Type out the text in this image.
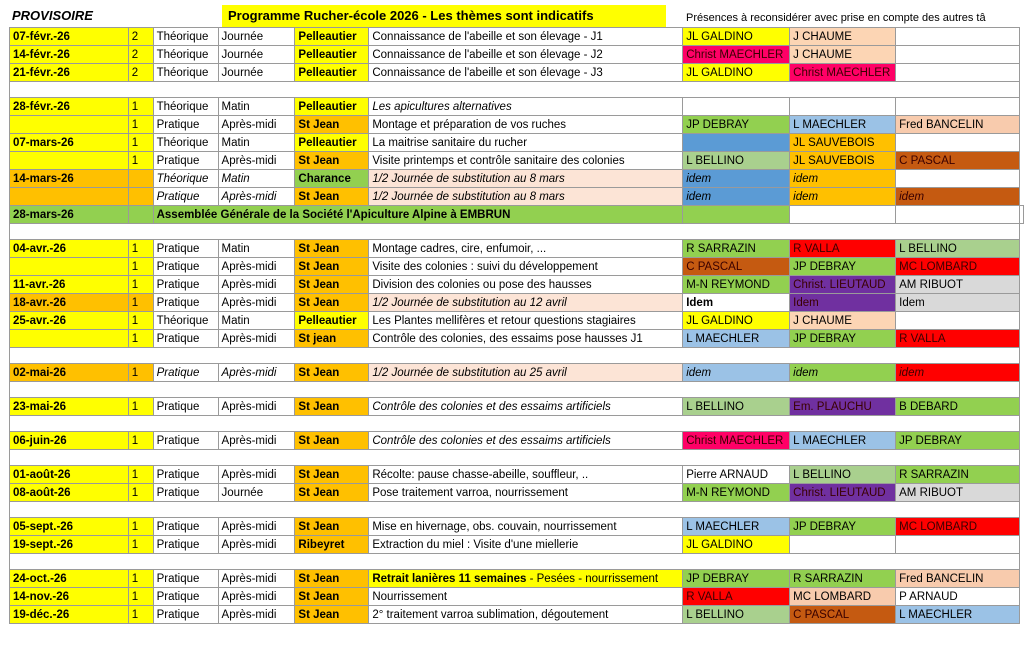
PROVISOIRE	Programme Rucher-école 2026 - Les thèmes sont indicatifs	Présences à reconsidérer avec prise en compte des autres tâ
07-févr.-26	2	Théorique	Journée	Pelleautier	Connaissance de l'abeille et son élevage - J1	JL GALDINO	J CHAUME		
14-févr.-26	2	Théorique	Journée	Pelleautier	Connaissance de l'abeille et son élevage - J2	Christ MAECHLER	J CHAUME		
21-févr.-26	2	Théorique	Journée	Pelleautier	Connaissance de l'abeille et son élevage - J3	JL GALDINO	Christ MAECHLER		

28-févr.-26	1	Théorique	Matin	Pelleautier	Les apicultures alternatives				
	1	Pratique	Après-midi	St Jean	Montage et préparation de vos ruches	JP DEBRAY	L MAECHLER	Fred BANCELIN	
07-mars-26	1	Théorique	Matin	Pelleautier	La maitrise sanitaire du rucher		JL SAUVEBOIS		
	1	Pratique	Après-midi	St Jean	Visite printemps et contrôle sanitaire des colonies	L BELLINO	JL SAUVEBOIS	C PASCAL	
14-mars-26		Théorique	Matin	Charance	1/2 Journée de substitution au 8 mars	idem	idem		
		Pratique	Après-midi	St Jean	1/2 Journée de substitution au 8 mars	idem	idem	idem	
28-mars-26		Assemblée Générale de la Société l'Apiculture Alpine à EMBRUN							

04-avr.-26	1	Pratique	Matin	St Jean	Montage cadres, cire, enfumoir, ...	R SARRAZIN	R VALLA	L BELLINO	
	1	Pratique	Après-midi	St Jean	Visite des colonies : suivi du développement	C PASCAL	JP DEBRAY	MC LOMBARD	
11-avr.-26	1	Pratique	Après-midi	St Jean	Division des colonies ou pose des hausses	M-N REYMOND	Christ. LIEUTAUD	AM RIBUOT	
18-avr.-26	1	Pratique	Après-midi	St Jean	1/2 Journée de substitution au 12 avril	Idem	Idem	Idem	
25-avr.-26	1	Théorique	Matin	Pelleautier	Les Plantes mellifères et retour questions stagiaires	JL GALDINO	J CHAUME		
	1	Pratique	Après-midi	St jean	Contrôle des colonies, des essaims pose hausses J1	L MAECHLER	JP DEBRAY	R VALLA	

02-mai-26	1	Pratique	Après-midi	St Jean	1/2 Journée de substitution au 25 avril	idem	idem	idem	

23-mai-26	1	Pratique	Après-midi	St Jean	Contrôle des colonies et des essaims artificiels	L BELLINO	Em. PLAUCHU	B DEBARD	

06-juin-26	1	Pratique	Après-midi	St Jean	Contrôle des colonies et des essaims artificiels	Christ MAECHLER	L MAECHLER	JP DEBRAY	

01-août-26	1	Pratique	Après-midi	St Jean	Récolte: pause chasse-abeille, souffleur, ..	Pierre ARNAUD	L BELLINO	R SARRAZIN	
08-août-26	1	Pratique	Journée	St Jean	Pose traitement varroa, nourrissement	M-N REYMOND	Christ. LIEUTAUD	AM RIBUOT	

05-sept.-26	1	Pratique	Après-midi	St Jean	Mise en hivernage, obs. couvain, nourrissement	L MAECHLER	JP DEBRAY	MC LOMBARD	
19-sept.-26	1	Pratique	Après-midi	Ribeyret	Extraction du miel : Visite d'une miellerie	JL GALDINO			

24-oct.-26	1	Pratique	Après-midi	St Jean	Retrait lanières 11 semaines - Pesées - nourrissement	JP DEBRAY	R SARRAZIN	Fred BANCELIN	
14-nov.-26	1	Pratique	Après-midi	St Jean	Nourrissement	R VALLA	MC LOMBARD	P ARNAUD	
19-déc.-26	1	Pratique	Après-midi	St Jean	2° traitement varroa sublimation, dégoutement	L BELLINO	C PASCAL	L MAECHLER	
